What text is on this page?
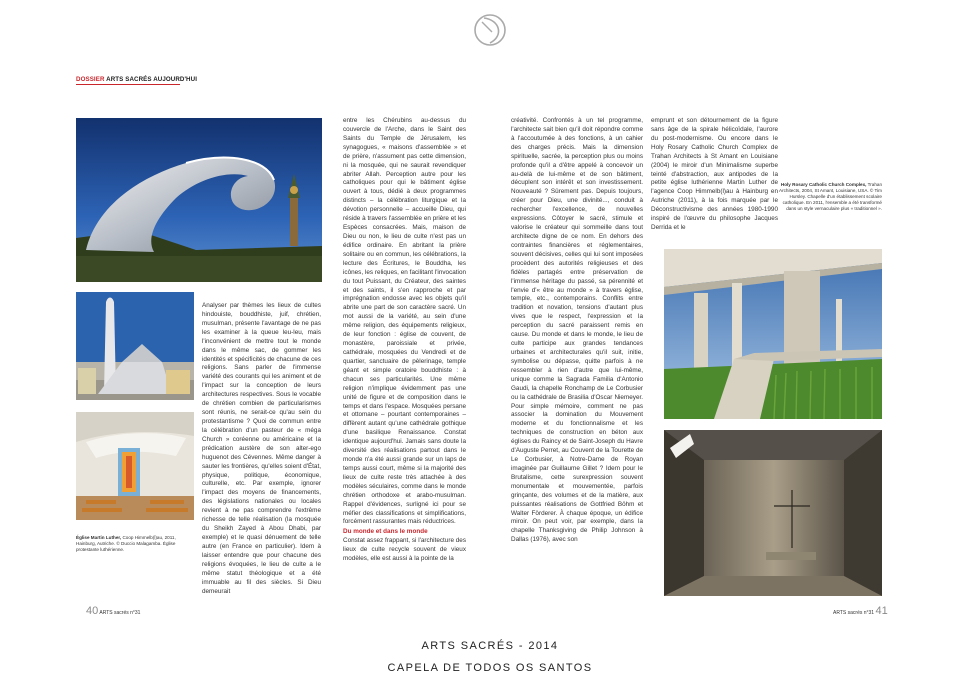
DOSSIER ARTS SACRÉS AUJOURD'HUI
Église Martin Luther, Coop Himmelb(l)au, 2011, Hainburg, Autriche. © Duccio Malagamba. Église protestante luthérienne.

Analyser par thèmes les lieux de cultes hindouiste, bouddhiste, juif, chrétien, musulman, présente l'avantage de ne pas les examiner à la queue leu-leu, mais l'inconvénient de mettre tout le monde dans le même sac, de gommer les identités et spécificités de chacune de ces religions. Sans parler de l'immense variété des courants qui les animent et de l'impact sur la conception de leurs architectures respectives. Sous le vocable de chrétien combien de particularismes sont réunis, ne serait-ce qu'au sein du protestantisme ? Quoi de commun entre la célébration d'un pasteur de « méga Church » coréenne ou américaine et la prédication austère de son alter-ego huguenot des Cévennes. Même danger à sauter les frontières, qu'elles soient d'État, physique, politique, économique, culturelle, etc. Par exemple, ignorer l'impact des moyens de financements, des législations nationales ou locales revient à ne pas comprendre l'extrême richesse de telle réalisation (la mosquée du Sheikh Zayed à Abou Dhabi, par exemple) et le quasi dénuement de telle autre (en France en particulier). Idem à laisser entendre que pour chacune des religions évoquées, le lieu de culte a le même statut théologique et a été immuable au fil des siècles. Si Dieu demeurait

entre les Chérubins au-dessus du couvercle de l'Arche, dans le Saint des Saints du Temple de Jérusalem, les synagogues, « maisons d'assemblée » et de prière, n'assument pas cette dimension, ni la mosquée, qui ne saurait revendiquer abriter Allah. Perception autre pour les catholiques pour qui le bâtiment église ouvert à tous, dédié à deux programmes distincts – la célébration liturgique et la dévotion personnelle – accueille Dieu, qui réside à travers l'assemblée en prière et les Espèces consacrées. Mais, maison de Dieu ou non, le lieu de culte n'est pas un édifice ordinaire. En abritant la prière solitaire ou en commun, les célébrations, la lecture des Écritures, le Bouddha, les icônes, les reliques, en facilitant l'invocation du tout Puissant, du Créateur, des saintes et des saints, il s'en rapproche et par imprégnation endosse avec les objets qu'il abrite une part de son caractère sacré. Un mot aussi de la variété, au sein d'une même religion, des équipements religieux, de leur fonction : église de couvent, de monastère, paroissiale et privée, cathédrale, mosquées du Vendredi et de quartier, sanctuaire de pèlerinage, temple géant et simple oratoire bouddhiste : à chacun ses particularités. Une même religion n'implique évidemment pas une unité de figure et de composition dans le temps et dans l'espace. Mosquées persane et ottomane – pourtant contemporaines – diffèrent autant qu'une cathédrale gothique d'une basilique Renaissance. Constat identique aujourd'hui. Jamais sans doute la diversité des réalisations partout dans le monde n'a été aussi grande sur un laps de temps aussi court, même si la majorité des lieux de culte reste très attachée à des modèles séculaires, comme dans le monde chrétien orthodoxe et arabo-musulman. Rappel d'évidences, surligné ici pour se méfier des classifications et simplifications, forcément rassurantes mais réductrices.

Du monde et dans le monde

Constat assez frappant, si l'architecture des lieux de culte recycle souvent de vieux modèles, elle est aussi à la pointe de la

créativité. Confrontés à un tel programme, l'architecte sait bien qu'il doit répondre comme à l'accoutumée à des fonctions, à un cahier des charges précis. Mais la dimension spirituelle, sacrée, la perception plus ou moins profonde qu'il a d'être appelé à concevoir un au-delà de lui-même et de son bâtiment, décuplent son intérêt et son investissement. Nouveauté ? Sûrement pas. Depuis toujours, créer pour Dieu, une divinité..., conduit à rechercher l'excellence, de nouvelles expressions. Côtoyer le sacré, stimule et valorise le créateur qui sommeille dans tout architecte digne de ce nom. En dehors des contraintes financières et réglementaires, souvent décisives, celles qui lui sont imposées procèdent des autorités religieuses et des fidèles partagés entre préservation de l'immense héritage du passé, sa pérennité et l'envie d'« être au monde » à travers église, temple, etc., contemporains. Conflits entre tradition et novation, tensions d'autant plus vives que le respect, l'expression et la perception du sacré paraissent remis en cause. Du monde et dans le monde, le lieu de culte participe aux grandes tendances urbaines et architecturales qu'il suit, initie, symbolise ou dépasse, quitte parfois à ne ressembler à rien d'autre que lui-même, unique comme la Sagrada Familia d'Antonio Gaudi, la chapelle Ronchamp de Le Corbusier ou la cathédrale de Brasilia d'Oscar Niemeyer. Pour simple mémoire, comment ne pas associer la domination du Mouvement moderne et du fonctionnalisme et les techniques de construction en béton aux églises du Raincy et de Saint-Joseph du Havre d'Auguste Perret, au Couvent de la Tourette de Le Corbusier, à Notre-Dame de Royan imaginée par Guillaume Gillet ? Idem pour le Brutalisme, cette surexpression souvent monumentale et mouvementée, parfois grinçante, des volumes et de la matière, aux puissantes réalisations de Gottfried Böhm et Walter Förderer. À chaque époque, un édifice miroir. On peut voir, par exemple, dans la chapelle Thanksgiving de Philip Johnson à Dallas (1976), avec son

emprunt et son détournement de la figure sans âge de la spirale hélicoïdale, l'aurore du post-modernisme. Ou encore dans le Holy Rosary Catholic Church Complex de Trahan Architects à St Amant en Louisiane (2004) le miroir d'un Minimalisme superbe teinté d'abstraction, aux antipodes de la petite église luthérienne Martin Luther de l'agence Coop Himmelb(l)au à Hainburg en Autriche (2011), à la fois marquée par le Déconstructivisme des années 1980-1990 inspiré de l'œuvre du philosophe Jacques Derrida et le

Holy Rosary Catholic Church Complex, Trahan Architects, 2004, St Amant, Louisiane, USA. © Tim Hursley. Chapelle d'un établissement scolaire catholique. En 2011, l'ensemble a été transformé dans un style vernaculaire plus « traditionnel ».
40 ARTS sacrés n°31	ARTS sacrés n°31 41
ARTS SACRÉS - 2014
CAPELA DE TODOS OS SANTOS
